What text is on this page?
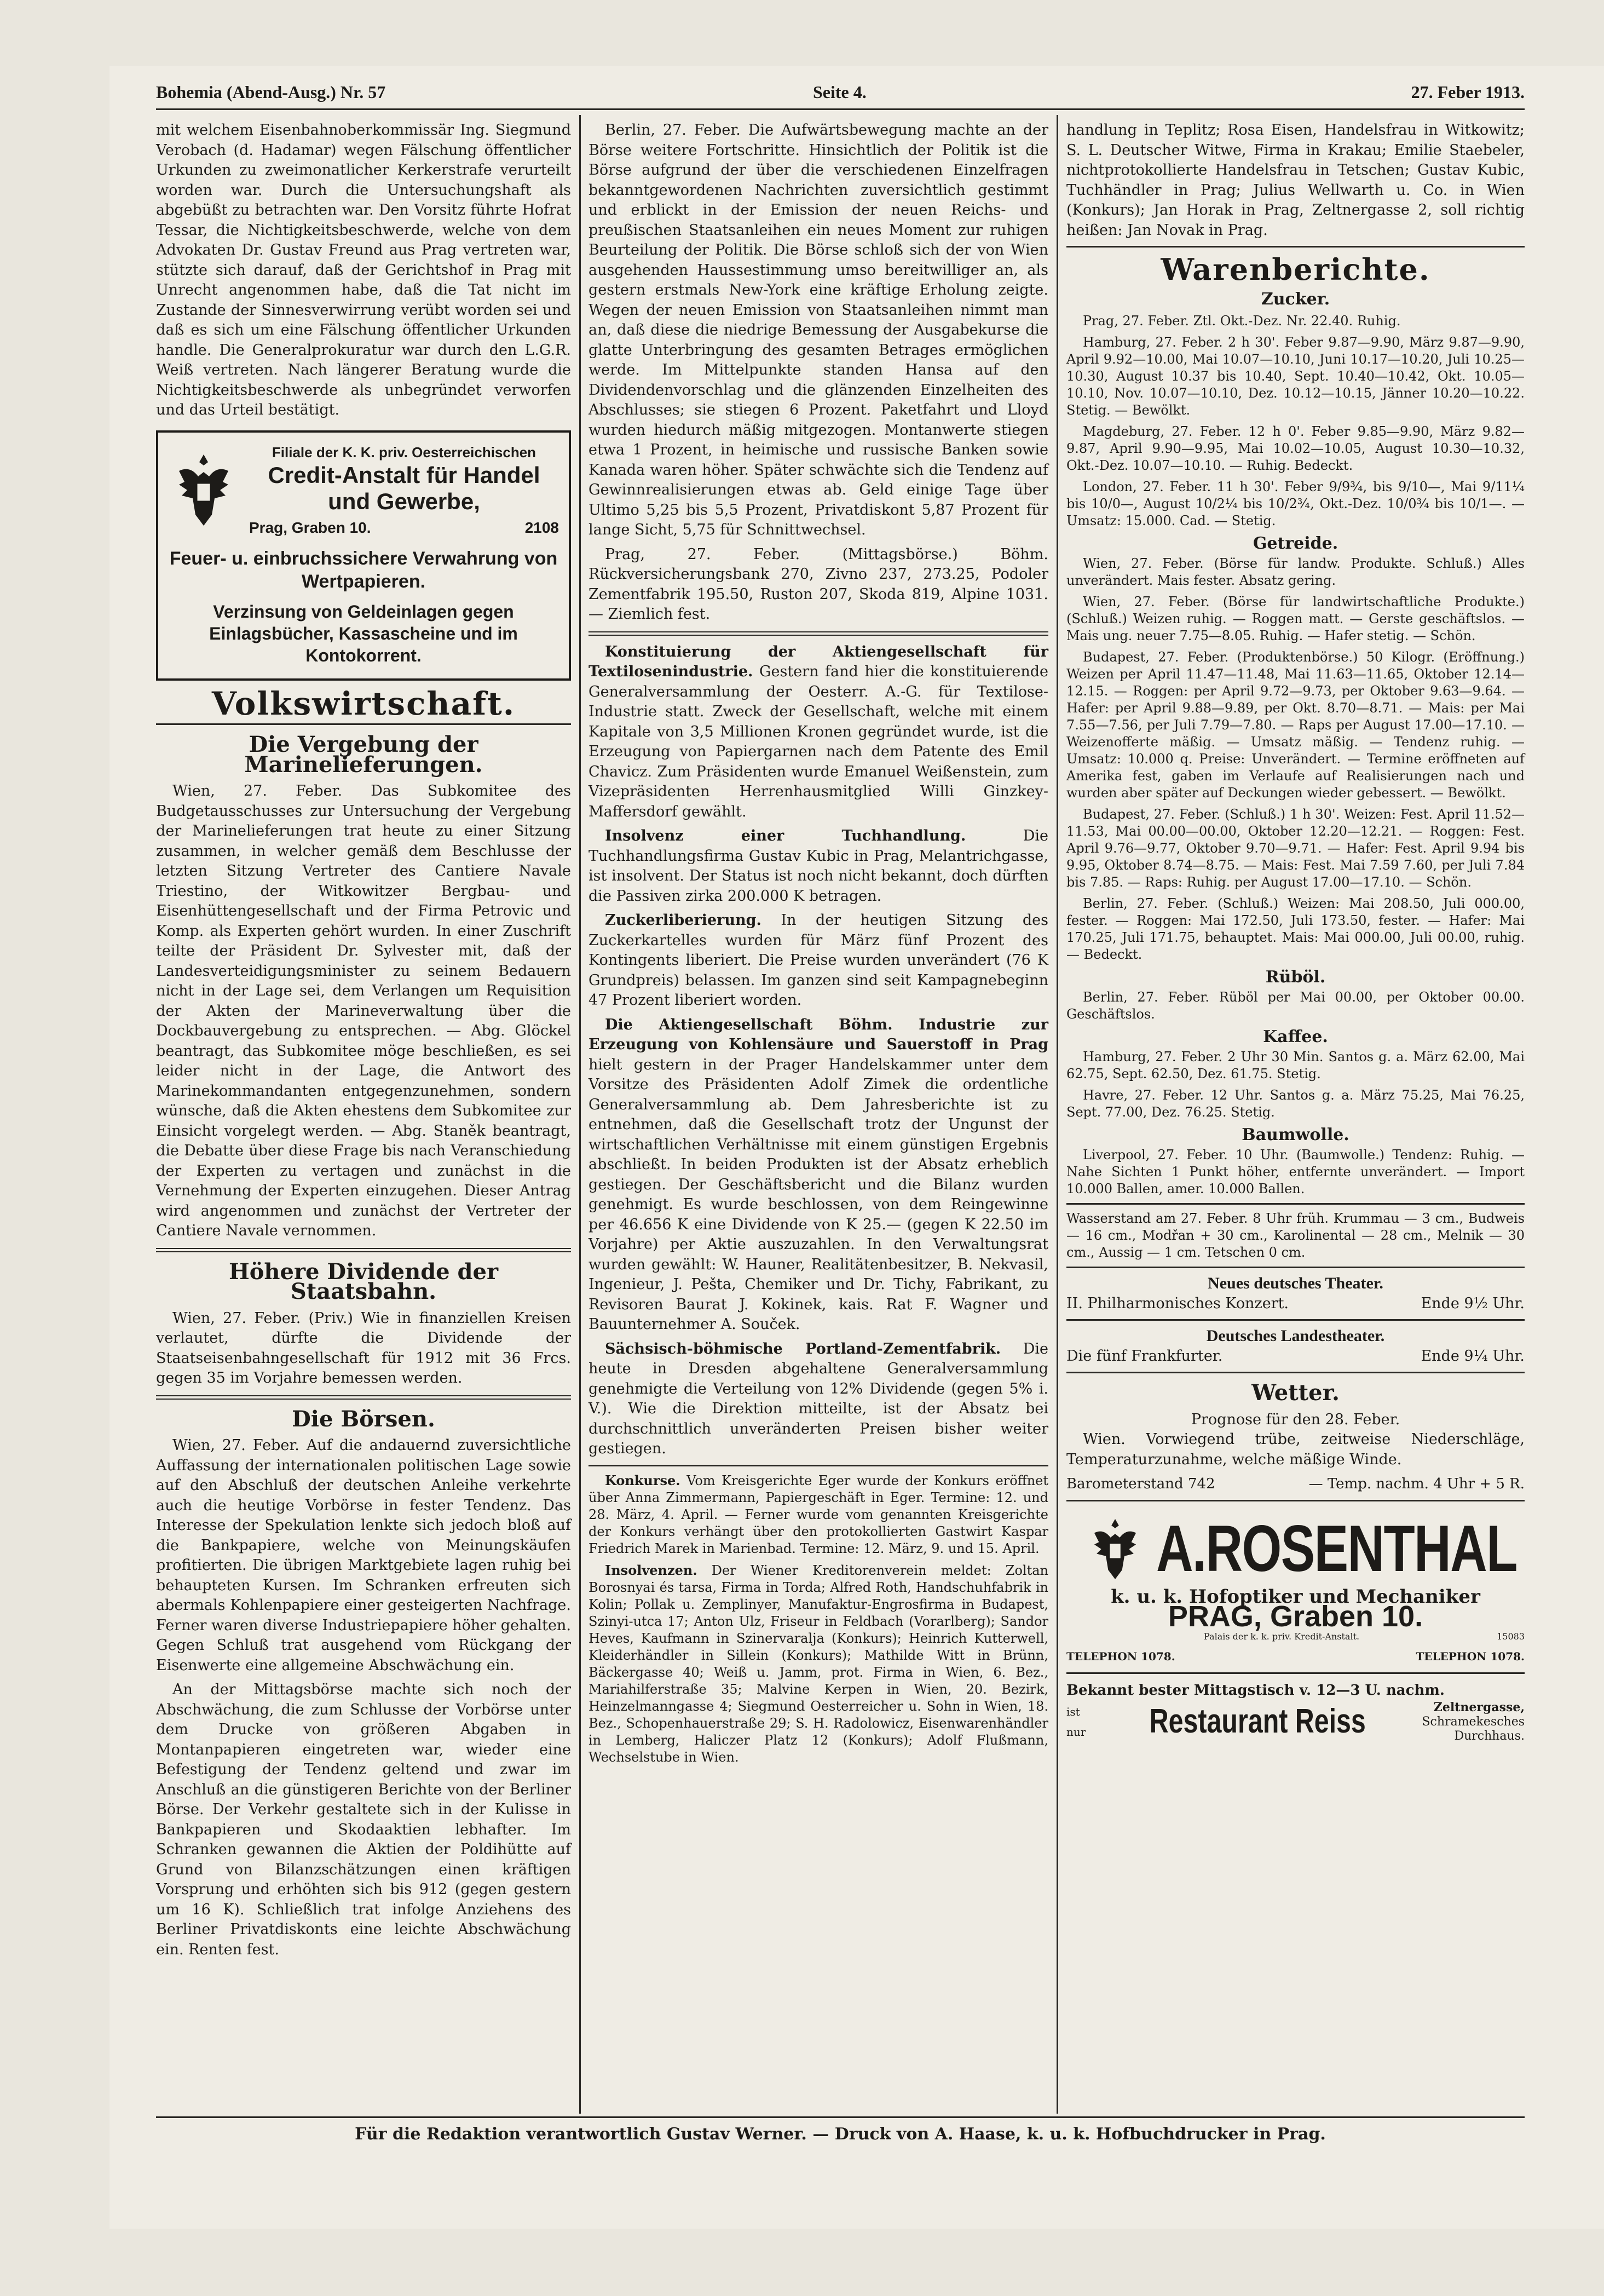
Bohemia (Abend-Ausg.) Nr. 57	Seite 4.	27. Feber 1913.

mit welchem Eisenbahnoberkommissär Ing. Siegmund Verobach (d. Hadamar) wegen Fälschung öffentlicher Urkunden zu zweimonatlicher Kerkerstrafe verurteilt worden war. Durch die Untersuchungshaft als abgebüßt zu betrachten war. Den Vorsitz führte Hofrat Tessar, die Nichtigkeitsbeschwerde, welche von dem Advokaten Dr. Gustav Freund aus Prag vertreten war, stützte sich darauf, daß der Gerichtshof in Prag mit Unrecht angenommen habe, daß die Tat nicht im Zustande der Sinnesverwirrung verübt worden sei und daß es sich um eine Fälschung öffentlicher Urkunden handle. Die Generalprokuratur war durch den L.G.R. Weiß vertreten. Nach längerer Beratung wurde die Nichtigkeitsbeschwerde als unbegründet verworfen und das Urteil bestätigt.

Filiale der K. K. priv. Oesterreichischen
Credit-Anstalt für Handel und Gewerbe,
Prag, Graben 10.	2108
Feuer- u. einbruchssichere Verwahrung von Wertpapieren.
Verzinsung von Geldeinlagen gegen Einlagsbücher, Kassascheine und im Kontokorrent.
Volkswirtschaft.
Die Vergebung der Marinelieferungen.

Wien, 27. Feber. Das Subkomitee des Budgetausschusses zur Untersuchung der Vergebung der Marinelieferungen trat heute zu einer Sitzung zusammen, in welcher gemäß dem Beschlusse der letzten Sitzung Vertreter des Cantiere Navale Triestino, der Witkowitzer Bergbau- und Eisenhüttengesellschaft und der Firma Petrovic und Komp. als Experten gehört wurden. In einer Zuschrift teilte der Präsident Dr. Sylvester mit, daß der Landesverteidigungsminister zu seinem Bedauern nicht in der Lage sei, dem Verlangen um Requisition der Akten der Marineverwaltung über die Dockbauvergebung zu entsprechen. — Abg. Glöckel beantragt, das Subkomitee möge beschließen, es sei leider nicht in der Lage, die Antwort des Marinekommandanten entgegenzunehmen, sondern wünsche, daß die Akten ehestens dem Subkomitee zur Einsicht vorgelegt werden. — Abg. Staněk beantragt, die Debatte über diese Frage bis nach Veranschiedung der Experten zu vertagen und zunächst in die Vernehmung der Experten einzugehen. Dieser Antrag wird angenommen und zunächst der Vertreter der Cantiere Navale vernommen.

Höhere Dividende der Staatsbahn.

Wien, 27. Feber. (Priv.) Wie in finanziellen Kreisen verlautet, dürfte die Dividende der Staatseisenbahngesellschaft für 1912 mit 36 Frcs. gegen 35 im Vorjahre bemessen werden.

Die Börsen.

Wien, 27. Feber. Auf die andauernd zuversichtliche Auffassung der internationalen politischen Lage sowie auf den Abschluß der deutschen Anleihe verkehrte auch die heutige Vorbörse in fester Tendenz. Das Interesse der Spekulation lenkte sich jedoch bloß auf die Bankpapiere, welche von Meinungskäufen profitierten. Die übrigen Marktgebiete lagen ruhig bei behaupteten Kursen. Im Schranken erfreuten sich abermals Kohlenpapiere einer gesteigerten Nachfrage. Ferner waren diverse Industriepapiere höher gehalten. Gegen Schluß trat ausgehend vom Rückgang der Eisenwerte eine allgemeine Abschwächung ein.

An der Mittagsbörse machte sich noch der Abschwächung, die zum Schlusse der Vorbörse unter dem Drucke von größeren Abgaben in Montanpapieren eingetreten war, wieder eine Befestigung der Tendenz geltend und zwar im Anschluß an die günstigeren Berichte von der Berliner Börse. Der Verkehr gestaltete sich in der Kulisse in Bankpapieren und Skodaaktien lebhafter. Im Schranken gewannen die Aktien der Poldihütte auf Grund von Bilanzschätzungen einen kräftigen Vorsprung und erhöhten sich bis 912 (gegen gestern um 16 K). Schließlich trat infolge Anziehens des Berliner Privatdiskonts eine leichte Abschwächung ein. Renten fest.

Berlin, 27. Feber. Die Aufwärtsbewegung machte an der Börse weitere Fortschritte. Hinsichtlich der Politik ist die Börse aufgrund der über die verschiedenen Einzelfragen bekanntgewordenen Nachrichten zuversichtlich gestimmt und erblickt in der Emission der neuen Reichs- und preußischen Staatsanleihen ein neues Moment zur ruhigen Beurteilung der Politik. Die Börse schloß sich der von Wien ausgehenden Haussestimmung umso bereitwilliger an, als gestern erstmals New-York eine kräftige Erholung zeigte. Wegen der neuen Emission von Staatsanleihen nimmt man an, daß diese die niedrige Bemessung der Ausgabekurse die glatte Unterbringung des gesamten Betrages ermöglichen werde. Im Mittelpunkte standen Hansa auf den Dividendenvorschlag und die glänzenden Einzelheiten des Abschlusses; sie stiegen 6 Prozent. Paketfahrt und Lloyd wurden hiedurch mäßig mitgezogen. Montanwerte stiegen etwa 1 Prozent, in heimische und russische Banken sowie Kanada waren höher. Später schwächte sich die Tendenz auf Gewinnrealisierungen etwas ab. Geld einige Tage über Ultimo 5,25 bis 5,5 Prozent, Privatdiskont 5,87 Prozent für lange Sicht, 5,75 für Schnittwechsel.

Prag, 27. Feber. (Mittagsbörse.) Böhm. Rückversicherungsbank 270, Zivno 237, 273.25, Podoler Zementfabrik 195.50, Ruston 207, Skoda 819, Alpine 1031. — Ziemlich fest.

Konstituierung der Aktiengesellschaft für Textilosenindustrie. Gestern fand hier die konstituierende Generalversammlung der Oesterr. A.-G. für Textilose-Industrie statt. Zweck der Gesellschaft, welche mit einem Kapitale von 3,5 Millionen Kronen gegründet wurde, ist die Erzeugung von Papiergarnen nach dem Patente des Emil Chavicz. Zum Präsidenten wurde Emanuel Weißenstein, zum Vizepräsidenten Herrenhausmitglied Willi Ginzkey-Maffersdorf gewählt.

Insolvenz einer Tuchhandlung.	Die Tuchhandlungsfirma Gustav Kubic in Prag, Melantrichgasse, ist insolvent. Der Status ist noch nicht bekannt, doch dürften die Passiven zirka 200.000 K betragen.

Zuckerliberierung. In der heutigen Sitzung des Zuckerkartelles wurden für März fünf Prozent des Kontingents liberiert. Die Preise wurden unverändert (76 K Grundpreis) belassen. Im ganzen sind seit Kampagnebeginn 47 Prozent liberiert worden.

Die Aktiengesellschaft Böhm. Industrie zur Erzeugung von Kohlensäure und Sauerstoff in Prag hielt gestern in der Prager Handelskammer unter dem Vorsitze des Präsidenten Adolf Zimek die ordentliche Generalversammlung ab. Dem Jahresberichte ist zu entnehmen, daß die Gesellschaft trotz der Ungunst der wirtschaftlichen Verhältnisse mit einem günstigen Ergebnis abschließt. In beiden Produkten ist der Absatz erheblich gestiegen. Der Geschäftsbericht und die Bilanz wurden genehmigt. Es wurde beschlossen, von dem Reingewinne per 46.656 K eine Dividende von K 25.— (gegen K 22.50 im Vorjahre) per Aktie auszuzahlen. In den Verwaltungsrat wurden gewählt: W. Hauner, Realitätenbesitzer, B. Nekvasil, Ingenieur, J. Pešta, Chemiker und Dr. Tichy, Fabrikant, zu Revisoren Baurat J. Kokinek, kais. Rat F. Wagner und Bauunternehmer A. Souček.

Sächsisch-böhmische Portland-Zementfabrik. Die heute in Dresden abgehaltene Generalversammlung genehmigte die Verteilung von 12% Dividende (gegen 5% i. V.). Wie die Direktion mitteilte, ist der Absatz bei durchschnittlich unveränderten Preisen bisher weiter gestiegen.

Konkurse. Vom Kreisgerichte Eger wurde der Konkurs eröffnet über Anna Zimmermann, Papiergeschäft in Eger. Termine: 12. und 28. März, 4. April. — Ferner wurde vom genannten Kreisgerichte der Konkurs verhängt über den protokollierten Gastwirt Kaspar Friedrich Marek in Marienbad. Termine: 12. März, 9. und 15. April.

Insolvenzen. Der Wiener Kreditorenverein meldet: Zoltan Borosnyai és tarsa, Firma in Torda; Alfred Roth, Handschuhfabrik in Kolin; Pollak u. Zemplinyer, Manufaktur-Engrosfirma in Budapest, Szinyi-utca 17; Anton Ulz, Friseur in Feldbach (Vorarlberg); Sandor Heves, Kaufmann in Szinervaralja (Konkurs); Heinrich Kutterwell, Kleiderhändler in Sillein (Konkurs); Mathilde Witt in Brünn, Bäckergasse 40; Weiß u. Jamm, prot. Firma in Wien, 6. Bez., Mariahilferstraße 35; Malvine Kerpen in Wien, 20. Bezirk, Heinzelmanngasse 4; Siegmund Oesterreicher u. Sohn in Wien, 18. Bez., Schopenhauerstraße 29; S. H. Radolowicz, Eisenwarenhändler in Lemberg, Haliczer Platz 12 (Konkurs); Adolf Flußmann, Wechselstube in Wien.

handlung in Teplitz; Rosa Eisen, Handelsfrau in Witkowitz; S. L. Deutscher Witwe, Firma in Krakau; Emilie Staebeler, nichtprotokollierte Handelsfrau in Tetschen; Gustav Kubic, Tuchhändler in Prag; Julius Wellwarth u. Co. in Wien (Konkurs); Jan Horak in Prag, Zeltnergasse 2, soll richtig heißen: Jan Novak in Prag.

Warenberichte.
Zucker.

Prag, 27. Feber. Ztl. Okt.-Dez. Nr. 22.40. Ruhig.

Hamburg, 27. Feber. 2 h 30'. Feber 9.87—9.90, März 9.87—9.90, April 9.92—10.00, Mai 10.07—10.10, Juni 10.17—10.20, Juli 10.25—10.30, August 10.37 bis 10.40, Sept. 10.40—10.42, Okt. 10.05—10.10, Nov. 10.07—10.10, Dez. 10.12—10.15, Jänner 10.20—10.22. Stetig. — Bewölkt.

Magdeburg, 27. Feber. 12 h 0'. Feber 9.85—9.90, März 9.82—9.87, April 9.90—9.95, Mai 10.02—10.05, August 10.30—10.32, Okt.-Dez. 10.07—10.10. — Ruhig. Bedeckt.

London, 27. Feber. 11 h 30'. Feber 9/9¾, bis 9/10—, Mai 9/11¼ bis 10/0—, August 10/2¼ bis 10/2¾, Okt.-Dez. 10/0¾ bis 10/1—. — Umsatz: 15.000. Cad. — Stetig.

Getreide.

Wien, 27. Feber. (Börse für landw. Produkte. Schluß.) Alles unverändert. Mais fester. Absatz gering.

Wien, 27. Feber. (Börse für landwirtschaftliche Produkte.) (Schluß.) Weizen ruhig. — Roggen matt. — Gerste geschäftslos. — Mais ung. neuer 7.75—8.05. Ruhig. — Hafer stetig. — Schön.

Budapest, 27. Feber. (Produktenbörse.) 50 Kilogr. (Eröffnung.) Weizen per April 11.47—11.48, Mai 11.63—11.65, Oktober 12.14—12.15. — Roggen: per April 9.72—9.73, per Oktober 9.63—9.64. — Hafer: per April 9.88—9.89, per Okt. 8.70—8.71. — Mais: per Mai 7.55—7.56, per Juli 7.79—7.80. — Raps per August 17.00—17.10. — Weizenofferte mäßig. — Umsatz mäßig. — Tendenz ruhig. — Umsatz: 10.000 q. Preise: Unverändert. — Termine eröffneten auf Amerika fest, gaben im Verlaufe auf Realisierungen nach und wurden aber später auf Deckungen wieder gebessert. — Bewölkt.

Budapest, 27. Feber. (Schluß.) 1 h 30'. Weizen: Fest. April 11.52—11.53, Mai 00.00—00.00, Oktober 12.20—12.21. — Roggen: Fest. April 9.76—9.77, Oktober 9.70—9.71. — Hafer: Fest. April 9.94 bis 9.95, Oktober 8.74—8.75. — Mais: Fest. Mai 7.59 7.60, per Juli 7.84 bis 7.85. — Raps: Ruhig. per August 17.00—17.10. — Schön.

Berlin, 27. Feber. (Schluß.) Weizen: Mai 208.50, Juli 000.00, fester. — Roggen: Mai 172.50, Juli 173.50, fester. — Hafer: Mai 170.25, Juli 171.75, behauptet. Mais: Mai 000.00, Juli 00.00, ruhig. — Bedeckt.

Rüböl.

Berlin, 27. Feber. Rüböl per Mai 00.00, per Oktober 00.00. Geschäftslos.

Kaffee.

Hamburg, 27. Feber. 2 Uhr 30 Min. Santos g. a. März 62.00, Mai 62.75, Sept. 62.50, Dez. 61.75. Stetig.

Havre, 27. Feber. 12 Uhr. Santos g. a. März 75.25, Mai 76.25, Sept. 77.00, Dez. 76.25. Stetig.

Baumwolle.

Liverpool, 27. Feber. 10 Uhr. (Baumwolle.) Tendenz: Ruhig. — Nahe Sichten 1 Punkt höher, entfernte unverändert. — Import 10.000 Ballen, amer. 10.000 Ballen.

Wasserstand am 27. Feber. 8 Uhr früh. Krummau — 3 cm., Budweis — 16 cm., Modřan + 30 cm., Karolinental — 28 cm., Melnik — 30 cm., Aussig — 1 cm. Tetschen 0 cm.

Neues deutsches Theater.
II. Philharmonisches Konzert.	Ende 9½ Uhr.
Deutsches Landestheater.
Die fünf Frankfurter.	Ende 9¼ Uhr.
Wetter.
Prognose für den 28. Feber.

Wien. Vorwiegend trübe, zeitweise Niederschläge, Temperaturzunahme, welche mäßige Winde.

Barometerstand 742	— Temp. nachm. 4 Uhr + 5 R.
A.ROSENTHAL
k. u. k. Hofoptiker und Mechaniker
PRAG, Graben 10.
Palais der k. k. priv. Kredit-Anstalt.	15083
TELEPHON 1078.	TELEPHON 1078.
Bekannt bester Mittagstisch v. 12—3 U. nachm.
ist nur Restaurant Reiss	Zeltnergasse,
Schramekesches
Durchhaus.
Für die Redaktion verantwortlich Gustav Werner. — Druck von A. Haase, k. u. k. Hofbuchdrucker in Prag.
